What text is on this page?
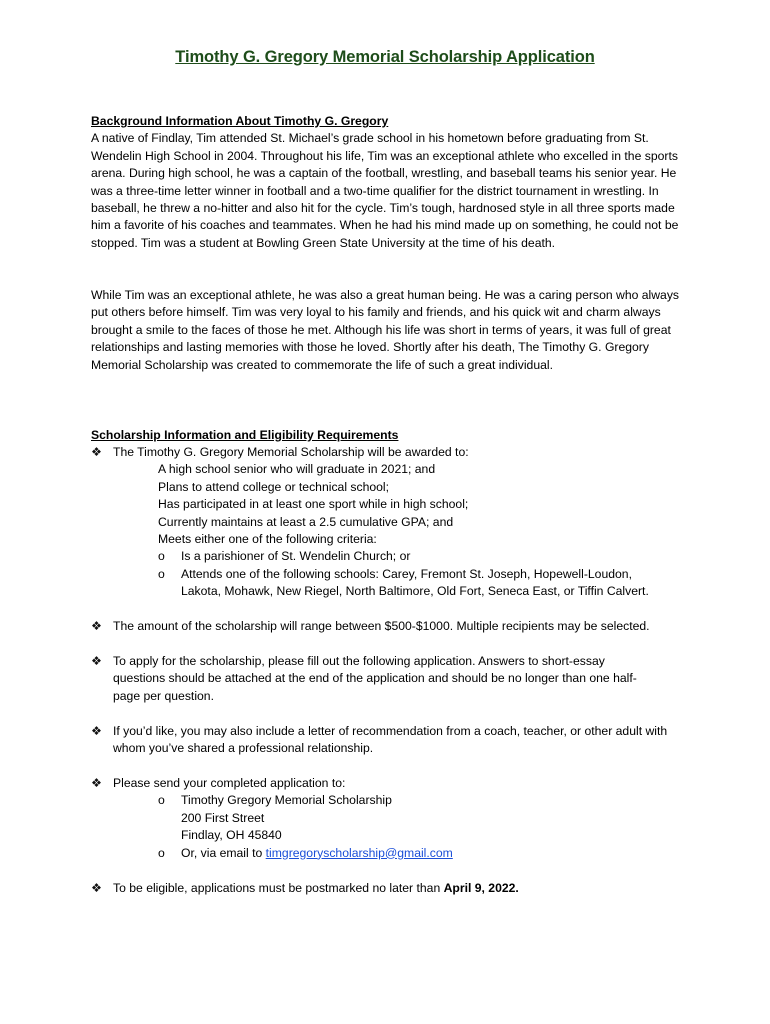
Timothy G. Gregory Memorial Scholarship Application
Background Information About Timothy G. Gregory

A native of Findlay, Tim attended St. Michael’s grade school in his hometown before graduating from St. Wendelin High School in 2004. Throughout his life, Tim was an exceptional athlete who excelled in the sports arena. During high school, he was a captain of the football, wrestling, and baseball teams his senior year. He was a three-time letter winner in football and a two-time qualifier for the district tournament in wrestling. In baseball, he threw a no-hitter and also hit for the cycle. Tim’s tough, hardnosed style in all three sports made him a favorite of his coaches and teammates. When he had his mind made up on something, he could not be stopped. Tim was a student at Bowling Green State University at the time of his death.

While Tim was an exceptional athlete, he was also a great human being. He was a caring person who always put others before himself. Tim was very loyal to his family and friends, and his quick wit and charm always brought a smile to the faces of those he met. Although his life was short in terms of years, it was full of great relationships and lasting memories with those he loved. Shortly after his death, The Timothy G. Gregory Memorial Scholarship was created to commemorate the life of such a great individual.

Scholarship Information and Eligibility Requirements
❖ The Timothy G. Gregory Memorial Scholarship will be awarded to:
A high school senior who will graduate in 2021; and
Plans to attend college or technical school;
Has participated in at least one sport while in high school;
Currently maintains at least a 2.5 cumulative GPA; and
Meets either one of the following criteria:
o Is a parishioner of St. Wendelin Church; or
o Attends one of the following schools: Carey, Fremont St. Joseph, Hopewell-Loudon, Lakota, Mohawk, New Riegel, North Baltimore, Old Fort, Seneca East, or Tiffin Calvert.
❖ The amount of the scholarship will range between $500-$1000. Multiple recipients may be selected.
❖ To apply for the scholarship, please fill out the following application. Answers to short-essay questions should be attached at the end of the application and should be no longer than one half-page per question.
❖ If you’d like, you may also include a letter of recommendation from a coach, teacher, or other adult with whom you’ve shared a professional relationship.
❖ Please send your completed application to:
o Timothy Gregory Memorial Scholarship
200 First Street
Findlay, OH 45840
o Or, via email to timgregoryscholarship@gmail.com
❖ To be eligible, applications must be postmarked no later than April 9, 2022.
